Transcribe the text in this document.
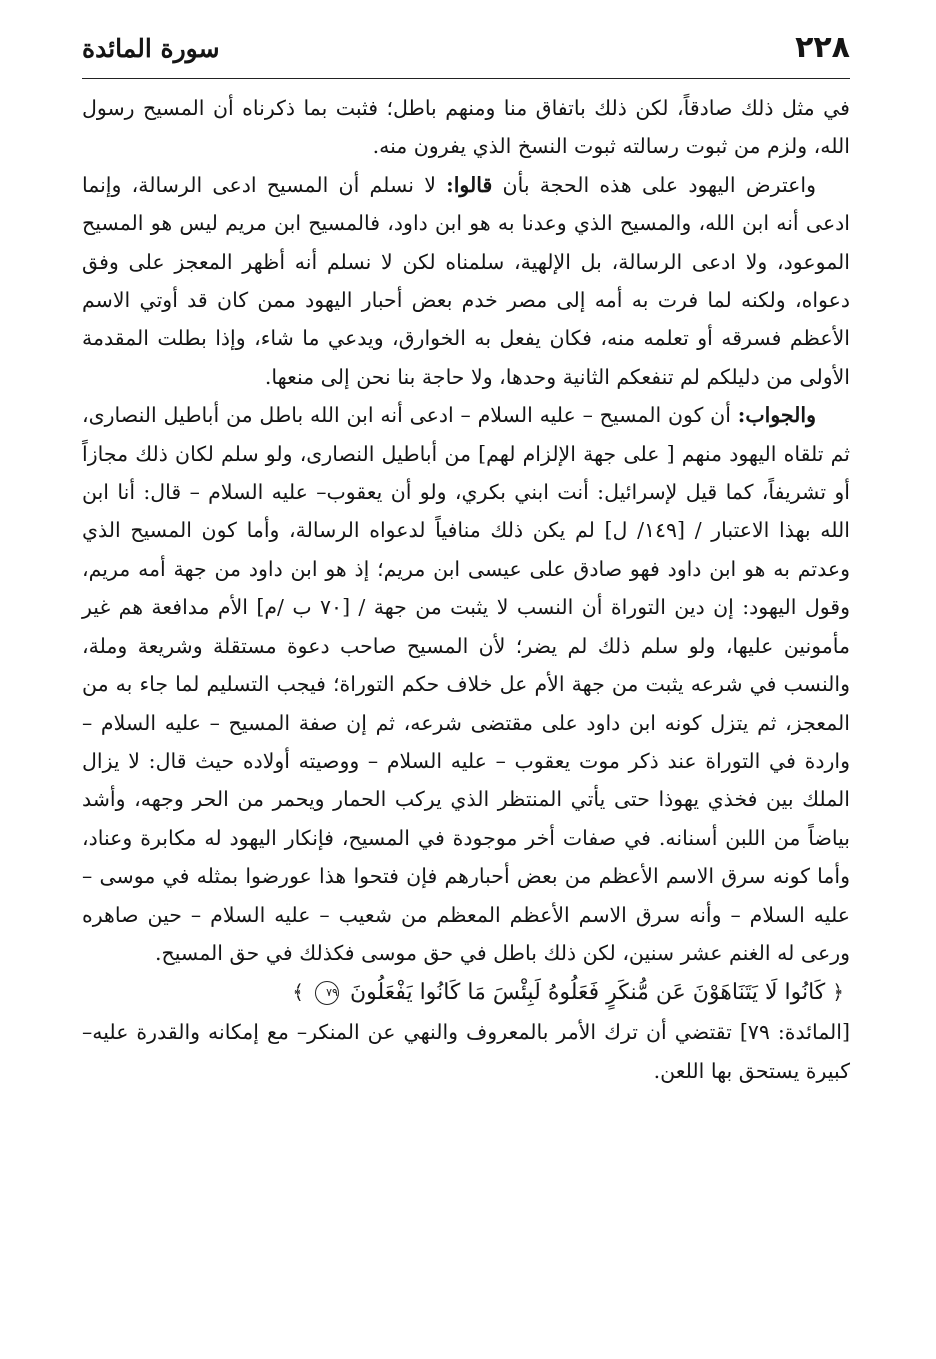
٢٢٨
سورة المائدة

في مثل ذلك صادقاً، لكن ذلك باتفاق منا ومنهم باطل؛ فثبت بما ذكرناه أن المسيح رسول الله، ولزم من ثبوت رسالته ثبوت النسخ الذي يفرون منه.

واعترض اليهود على هذه الحجة بأن قالوا: لا نسلم أن المسيح ادعى الرسالة، وإنما ادعى أنه ابن الله، والمسيح الذي وعدنا به هو ابن داود، فالمسيح ابن مريم ليس هو المسيح الموعود، ولا ادعى الرسالة، بل الإلهية، سلمناه لكن لا نسلم أنه أظهر المعجز على وفق دعواه، ولكنه لما فرت به أمه إلى مصر خدم بعض أحبار اليهود ممن كان قد أوتي الاسم الأعظم فسرقه أو تعلمه منه، فكان يفعل به الخوارق، ويدعي ما شاء، وإذا بطلت المقدمة الأولى من دليلكم لم تنفعكم الثانية وحدها، ولا حاجة بنا نحن إلى منعها.

والجواب: أن كون المسيح – عليه السلام – ادعى أنه ابن الله باطل من أباطيل النصارى، ثم تلقاه اليهود منهم [ على جهة الإلزام لهم] من أباطيل النصارى، ولو سلم لكان ذلك مجازاً أو تشريفاً، كما قيل لإسرائيل: أنت ابني بكري، ولو أن يعقوب– عليه السلام – قال: أنا ابن الله بهذا الاعتبار / [١٤٩/ ل] لم يكن ذلك منافياً لدعواه الرسالة، وأما كون المسيح الذي وعدتم به هو ابن داود فهو صادق على عيسى ابن مريم؛ إذ هو ابن داود من جهة أمه مريم، وقول اليهود: إن دين التوراة أن النسب لا يثبت من جهة / [٧٠ ب /م] الأم مدافعة هم غير مأمونين عليها، ولو سلم ذلك لم يضر؛ لأن المسيح صاحب دعوة مستقلة وشريعة وملة، والنسب في شرعه يثبت من جهة الأم عل خلاف حكم التوراة؛ فيجب التسليم لما جاء به من المعجز، ثم يتزل كونه ابن داود على مقتضى شرعه، ثم إن صفة المسيح – عليه السلام – واردة في التوراة عند ذكر موت يعقوب – عليه السلام – ووصيته أولاده حيث قال: لا يزال الملك بين فخذي يهوذا حتى يأتي المنتظر الذي يركب الحمار ويحمر من الحر وجهه، وأشد بياضاً من اللبن أسنانه. في صفات أخر موجودة في المسيح، فإنكار اليهود له مكابرة وعناد، وأما كونه سرق الاسم الأعظم من بعض أحبارهم فإن فتحوا هذا عورضوا بمثله في موسى – عليه السلام – وأنه سرق الاسم الأعظم المعظم من شعيب – عليه السلام – حين صاهره ورعى له الغنم عشر سنين، لكن ذلك باطل في حق موسى فكذلك في حق المسيح.

﴿ كَانُوا لَا يَتَنَاهَوْنَ عَن مُّنكَرٍ فَعَلُوهُ لَبِئْسَ مَا كَانُوا يَفْعَلُونَ ٧٩ ﴾

[المائدة: ٧٩] تقتضي أن ترك الأمر بالمعروف والنهي عن المنكر– مع إمكانه والقدرة عليه– كبيرة يستحق بها اللعن.
